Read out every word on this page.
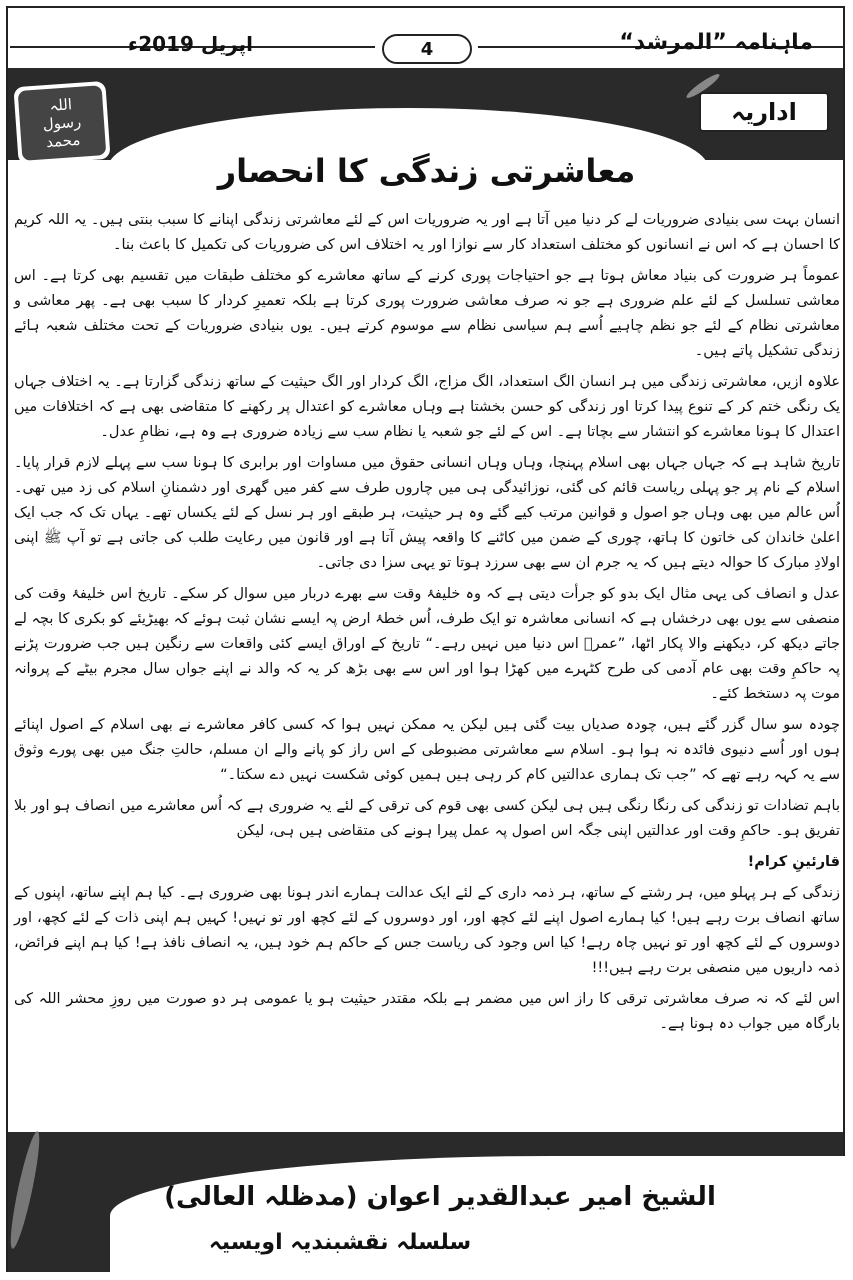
اپریل 2019ء	4	ماہنامہ ”المرشد“
اللہ
رسول
محمد
اداریہ
معاشرتی زندگی کا انحصار

انسان بہت سی بنیادی ضروریات لے کر دنیا میں آتا ہے اور یہ ضروریات اس کے لئے معاشرتی زندگی اپنانے کا سبب بنتی ہیں۔ یہ اللہ کریم کا احسان ہے کہ اس نے انسانوں کو مختلف استعداد کار سے نوازا اور یہ اختلاف اس کی ضروریات کی تکمیل کا باعث بنا۔

عموماً ہر ضرورت کی بنیاد معاش ہوتا ہے جو احتیاجات پوری کرنے کے ساتھ معاشرے کو مختلف طبقات میں تقسیم بھی کرتا ہے۔ اس معاشی تسلسل کے لئے علم ضروری ہے جو نہ صرف معاشی ضرورت پوری کرتا ہے بلکہ تعمیرِ کردار کا سبب بھی ہے۔ پھر معاشی و معاشرتی نظام کے لئے جو نظم چاہیے اُسے ہم سیاسی نظام سے موسوم کرتے ہیں۔ یوں بنیادی ضروریات کے تحت مختلف شعبہ ہائے زندگی تشکیل پاتے ہیں۔

علاوہ ازیں، معاشرتی زندگی میں ہر انسان الگ استعداد، الگ مزاج، الگ کردار اور الگ حیثیت کے ساتھ زندگی گزارتا ہے۔ یہ اختلاف جہاں یک رنگی ختم کر کے تنوع پیدا کرتا اور زندگی کو حسن بخشتا ہے وہاں معاشرے کو اعتدال پر رکھنے کا متقاضی بھی ہے کہ اختلافات میں اعتدال کا ہونا معاشرے کو انتشار سے بچاتا ہے۔ اس کے لئے جو شعبہ یا نظام سب سے زیادہ ضروری ہے وہ ہے، نظامِ عدل۔

تاریخ شاہد ہے کہ جہاں جہاں بھی اسلام پہنچا، وہاں وہاں انسانی حقوق میں مساوات اور برابری کا ہونا سب سے پہلے لازم قرار پایا۔ اسلام کے نام پر جو پہلی ریاست قائم کی گئی، نوزائیدگی ہی میں چاروں طرف سے کفر میں گھری اور دشمنانِ اسلام کی زد میں تھی۔ اُس عالم میں بھی وہاں جو اصول و قوانین مرتب کیے گئے وہ ہر حیثیت، ہر طبقے اور ہر نسل کے لئے یکساں تھے۔ یہاں تک کہ جب ایک اعلیٰ خاندان کی خاتون کا ہاتھ، چوری کے ضمن میں کاٹنے کا واقعہ پیش آتا ہے اور قانون میں رعایت طلب کی جاتی ہے تو آپ ﷺ اپنی اولادِ مبارک کا حوالہ دیتے ہیں کہ یہ جرم ان سے بھی سرزد ہوتا تو یہی سزا دی جاتی۔

عدل و انصاف کی یہی مثال ایک بدو کو جرأت دیتی ہے کہ وہ خلیفۂ وقت سے بھرے دربار میں سوال کر سکے۔ تاریخ اس خلیفۂ وقت کی منصفی سے یوں بھی درخشاں ہے کہ انسانی معاشرہ تو ایک طرف، اُس خطۂ ارض پہ ایسے نشان ثبت ہوئے کہ بھیڑیئے کو بکری کا بچہ لے جاتے دیکھ کر، دیکھنے والا پکار اٹھا، ”عمرؓ اس دنیا میں نہیں رہے۔“ تاریخ کے اوراق ایسے کئی واقعات سے رنگین ہیں جب ضرورت پڑنے پہ حاکمِ وقت بھی عام آدمی کی طرح کٹہرے میں کھڑا ہوا اور اس سے بھی بڑھ کر یہ کہ والد نے اپنے جواں سال مجرم بیٹے کے پروانہ موت پہ دستخط کئے۔

چودہ سو سال گزر گئے ہیں، چودہ صدیاں بیت گئی ہیں لیکن یہ ممکن نہیں ہوا کہ کسی کافر معاشرے نے بھی اسلام کے اصول اپنائے ہوں اور اُسے دنیوی فائدہ نہ ہوا ہو۔ اسلام سے معاشرتی مضبوطی کے اس راز کو پانے والے ان مسلم، حالتِ جنگ میں بھی پورے وثوق سے یہ کہہ رہے تھے کہ ”جب تک ہماری عدالتیں کام کر رہی ہیں ہمیں کوئی شکست نہیں دے سکتا۔“

باہم تضادات تو زندگی کی رنگا رنگی ہیں ہی لیکن کسی بھی قوم کی ترقی کے لئے یہ ضروری ہے کہ اُس معاشرے میں انصاف ہو اور بلا تفریق ہو۔ حاکمِ وقت اور عدالتیں اپنی جگہ اس اصول پہ عمل پیرا ہونے کی متقاضی ہیں ہی، لیکن

قارئینِ کرام!

زندگی کے ہر پہلو میں، ہر رشتے کے ساتھ، ہر ذمہ داری کے لئے ایک عدالت ہمارے اندر ہونا بھی ضروری ہے۔ کیا ہم اپنے ساتھ، اپنوں کے ساتھ انصاف برت رہے ہیں! کیا ہمارے اصول اپنے لئے کچھ اور، اور دوسروں کے لئے کچھ اور تو نہیں! کہیں ہم اپنی ذات کے لئے کچھ، اور دوسروں کے لئے کچھ اور تو نہیں چاہ رہے! کیا اس وجود کی ریاست جس کے حاکم ہم خود ہیں، یہ انصاف نافذ ہے! کیا ہم اپنے فرائض، ذمہ داریوں میں منصفی برت رہے ہیں!!!

اس لئے کہ نہ صرف معاشرتی ترقی کا راز اس میں مضمر ہے بلکہ مقتدر حیثیت ہو یا عمومی ہر دو صورت میں روزِ محشر اللہ کی بارگاہ میں جواب دہ ہونا ہے۔

الشیخ امیر عبدالقدیر اعوان (مدظلہ العالی)
سلسلہ نقشبندیہ اویسیہ
